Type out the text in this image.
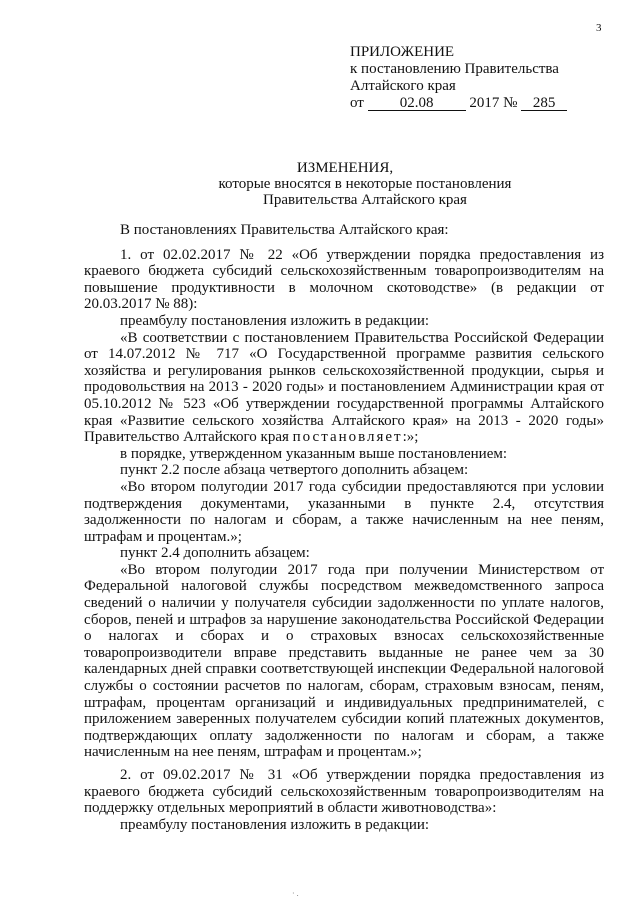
3
ПРИЛОЖЕНИЕ
к постановлению Правительства
Алтайского края
от 02.08 2017 № 285
ИЗМЕНЕНИЯ,
которые вносятся в некоторые постановления
Правительства Алтайского края

В постановлениях Правительства Алтайского края:

1. от 02.02.2017 № 22 «Об утверждении порядка предоставления из краевого бюджета субсидий сельскохозяйственным товаропроизводителям на повышение продуктивности в молочном скотоводстве» (в редакции от 20.03.2017 № 88):

преамбулу постановления изложить в редакции:

«В соответствии с постановлением Правительства Российской Федерации от 14.07.2012 № 717 «О Государственной программе развития сельского хозяйства и регулирования рынков сельскохозяйственной продукции, сырья и продовольствия на 2013 - 2020 годы» и постановлением Администрации края от 05.10.2012 № 523 «Об утверждении государственной программы Алтайского края «Развитие сельского хозяйства Алтайского края» на 2013 - 2020 годы» Правительство Алтайского края постановляет:»;

в порядке, утвержденном указанным выше постановлением:

пункт 2.2 после абзаца четвертого дополнить абзацем:

«Во втором полугодии 2017 года субсидии предоставляются при условии подтверждения документами, указанными в пункте 2.4, отсутствия задолженности по налогам и сборам, а также начисленным на нее пеням, штрафам и процентам.»;

пункт 2.4 дополнить абзацем:

«Во втором полугодии 2017 года при получении Министерством от Федеральной налоговой службы посредством межведомственного запроса сведений о наличии у получателя субсидии задолженности по уплате налогов, сборов, пеней и штрафов за нарушение законодательства Российской Федерации о налогах и сборах и о страховых взносах сельскохозяйственные товаропроизводители вправе представить выданные не ранее чем за 30 календарных дней справки соответствующей инспекции Федеральной налоговой службы о состоянии расчетов по налогам, сборам, страховым взносам, пеням, штрафам, процентам организаций и индивидуальных предпринимателей, с приложением заверенных получателем субсидии копий платежных документов, подтверждающих оплату задолженности по налогам и сборам, а также начисленным на нее пеням, штрафам и процентам.»;

2. от 09.02.2017 № 31 «Об утверждении порядка предоставления из краевого бюджета субсидий сельскохозяйственным товаропроизводителям на поддержку отдельных мероприятий в области животноводства»:

преамбулу постановления изложить в редакции:

· .
